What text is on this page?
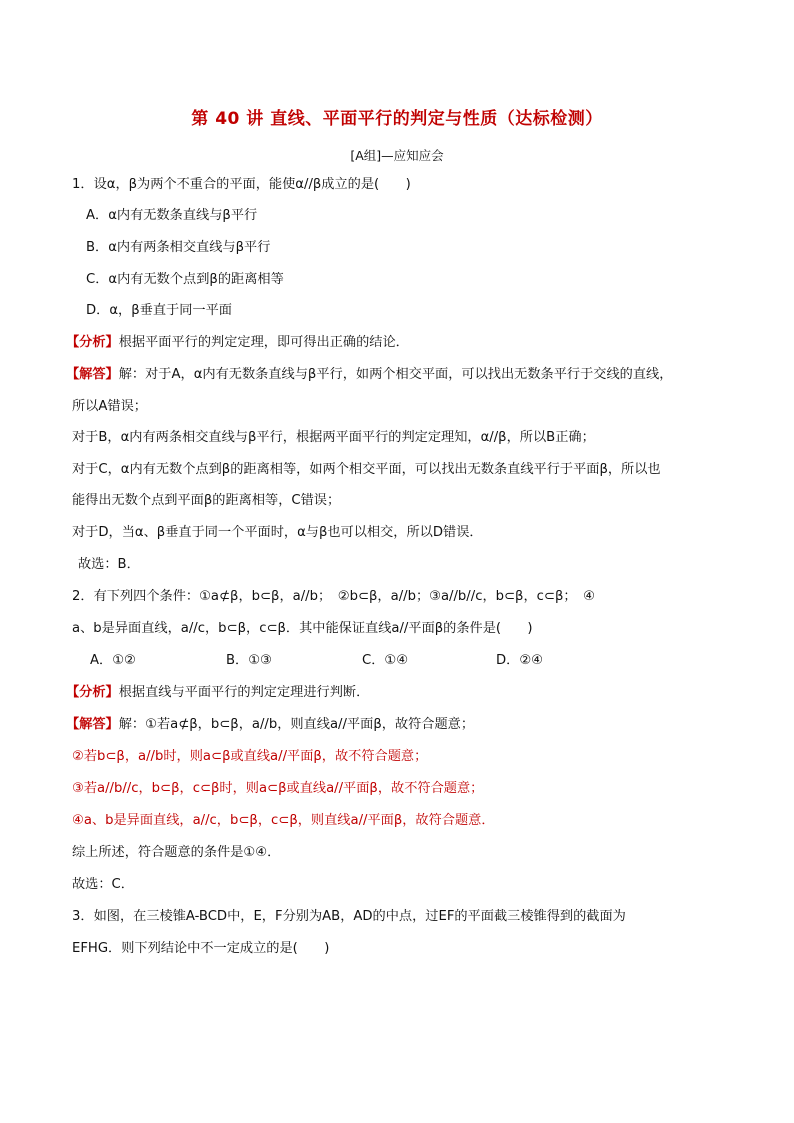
第 40 讲 直线、平面平行的判定与性质（达标检测）
[A组]—应知应会
1．设α，β为两个不重合的平面，能使α//β成立的是(　　)
A．α内有无数条直线与β平行
B．α内有两条相交直线与β平行
C．α内有无数个点到β的距离相等
D．α，β垂直于同一平面
【分析】根据平面平行的判定定理，即可得出正确的结论．
【解答】解：对于A，α内有无数条直线与β平行，如两个相交平面，可以找出无数条平行于交线的直线，
所以A错误；
对于B，α内有两条相交直线与β平行，根据两平面平行的判定定理知，α//β，所以B正确；
对于C，α内有无数个点到β的距离相等，如两个相交平面，可以找出无数条直线平行于平面β，所以也
能得出无数个点到平面β的距离相等，C错误；
对于D，当α、β垂直于同一个平面时，α与β也可以相交，所以D错误．
故选：B．
2．有下列四个条件：①a⊄β，b⊂β，a//b；　②b⊂β，a//b；③a//b//c，b⊂β，c⊂β；　④
a、b是异面直线，a//c，b⊂β，c⊂β．其中能保证直线a//平面β的条件是(　　)
A．①②	B．①③	C．①④	D．②④
【分析】根据直线与平面平行的判定定理进行判断．
【解答】解：①若a⊄β，b⊂β，a//b，则直线a//平面β，故符合题意；
②若b⊂β，a//b时，则a⊂β或直线a//平面β，故不符合题意；
③若a//b//c，b⊂β，c⊂β时，则a⊂β或直线a//平面β，故不符合题意；
④a、b是异面直线，a//c，b⊂β，c⊂β，则直线a//平面β，故符合题意．
综上所述，符合题意的条件是①④．
故选：C．
3．如图，在三棱锥A-BCD中，E，F分别为AB，AD的中点，过EF的平面截三棱锥得到的截面为
EFHG．则下列结论中不一定成立的是(　　)
